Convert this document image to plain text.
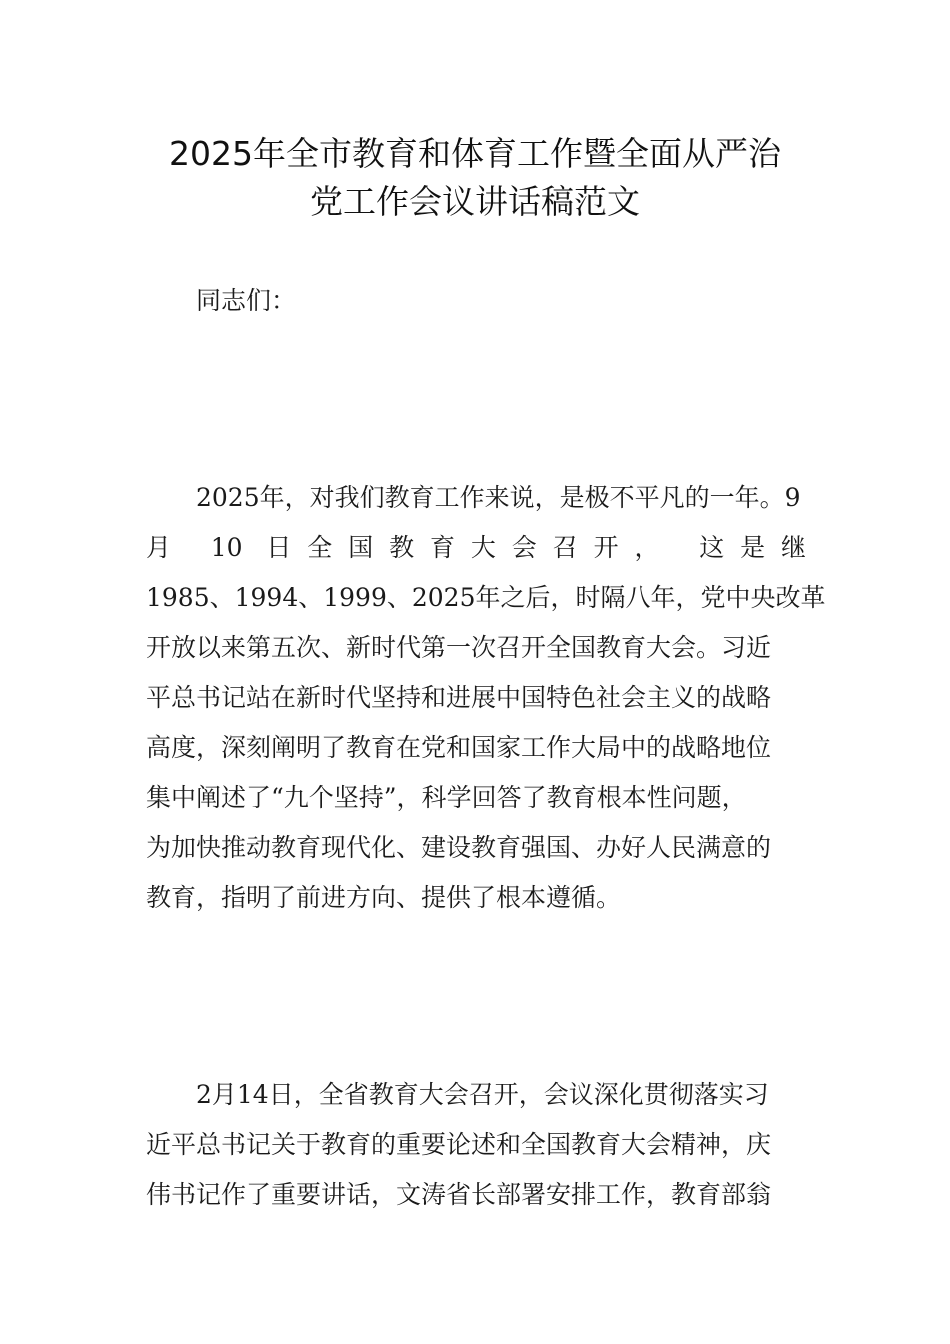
2025年全市教育和体育工作暨全面从严治
党工作会议讲话稿范文
同志们：
2025年，对我们教育工作来说，是极不平凡的一年。9
月 10 日全国教育大会召开， 这是继
1985、1994、1999、2025年之后，时隔八年，党中央改革
开放以来第五次、新时代第一次召开全国教育大会。习近
平总书记站在新时代坚持和进展中国特色社会主义的战略
高度，深刻阐明了教育在党和国家工作大局中的战略地位
集中阐述了“九个坚持”，科学回答了教育根本性问题，
为加快推动教育现代化、建设教育强国、办好人民满意的
教育，指明了前进方向、提供了根本遵循。
2月14日，全省教育大会召开，会议深化贯彻落实习
近平总书记关于教育的重要论述和全国教育大会精神，庆
伟书记作了重要讲话，文涛省长部署安排工作，教育部翁
